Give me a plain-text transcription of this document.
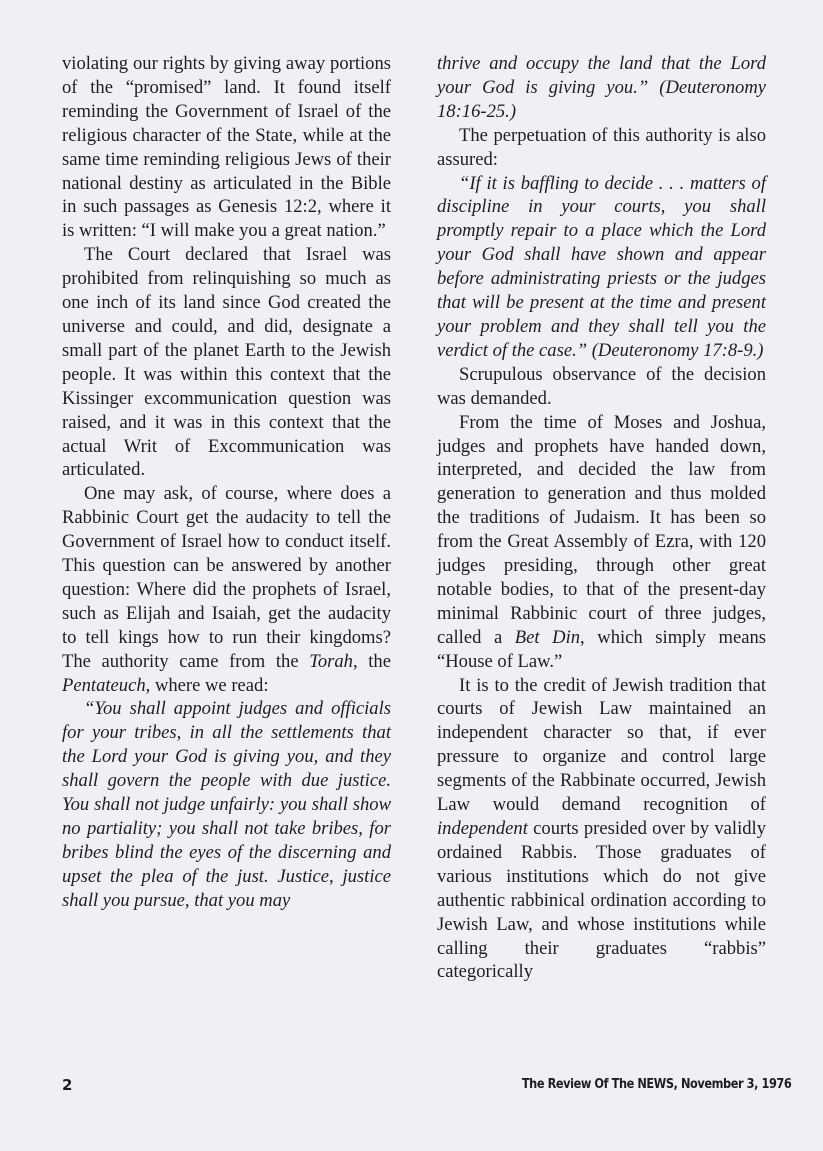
violating our rights by giving away portions of the “promised” land. It found itself reminding the Government of Israel of the religious character of the State, while at the same time reminding religious Jews of their national destiny as articulated in the Bible in such passages as Genesis 12:2, where it is written: “I will make you a great nation.”

The Court declared that Israel was prohibited from relinquishing so much as one inch of its land since God created the universe and could, and did, designate a small part of the planet Earth to the Jewish people. It was within this context that the Kissinger excommunication question was raised, and it was in this context that the actual Writ of Excommunication was articulated.

One may ask, of course, where does a Rabbinic Court get the audacity to tell the Government of Israel how to conduct itself. This question can be answered by another question: Where did the prophets of Israel, such as Elijah and Isaiah, get the audacity to tell kings how to run their kingdoms? The authority came from the Torah, the Pentateuch, where we read:

“You shall appoint judges and officials for your tribes, in all the settlements that the Lord your God is giving you, and they shall govern the people with due justice. You shall not judge unfairly: you shall show no partiality; you shall not take bribes, for bribes blind the eyes of the discerning and upset the plea of the just. Justice, justice shall you pursue, that you may

thrive and occupy the land that the Lord your God is giving you.” (Deuteronomy 18:16-25.)

The perpetuation of this authority is also assured:

“If it is baffling to decide . . . matters of discipline in your courts, you shall promptly repair to a place which the Lord your God shall have shown and appear before administrating priests or the judges that will be present at the time and present your problem and they shall tell you the verdict of the case.” (Deuteronomy 17:8-9.)

Scrupulous observance of the decision was demanded.

From the time of Moses and Joshua, judges and prophets have handed down, interpreted, and decided the law from generation to generation and thus molded the traditions of Judaism. It has been so from the Great Assembly of Ezra, with 120 judges presiding, through other great notable bodies, to that of the present-day minimal Rabbinic court of three judges, called a Bet Din, which simply means “House of Law.”

It is to the credit of Jewish tradition that courts of Jewish Law maintained an independent character so that, if ever pressure to organize and control large segments of the Rabbinate occurred, Jewish Law would demand recognition of independent courts presided over by validly ordained Rabbis. Those graduates of various institutions which do not give authentic rabbinical ordination according to Jewish Law, and whose institutions while calling their graduates “rabbis” categorically

2	The Review Of The NEWS, November 3, 1976
